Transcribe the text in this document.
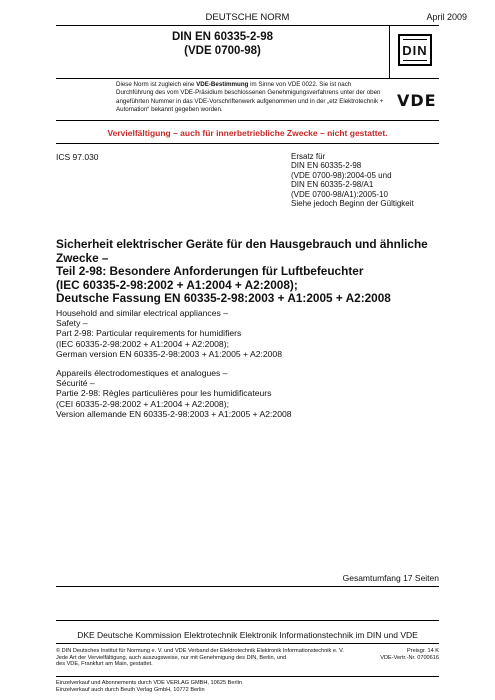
DEUTSCHE NORM	April 2009
DIN EN 60335-2-98
(VDE 0700-98)	DIN
Diese Norm ist zugleich eine VDE-Bestimmung im Sinne von VDE 0022. Sie ist nach Durchführung des vom VDE-Präsidium beschlossenen Genehmigungsverfahrens unter der oben angeführten Nummer in das VDE-Vorschriftenwerk aufgenommen und in der „etz Elektrotechnik + Automation“ bekannt gegeben worden.	VDE
Vervielfältigung – auch für innerbetriebliche Zwecke – nicht gestattet.
ICS 97.030	Ersatz für
DIN EN 60335-2-98
(VDE 0700-98):2004-05 und
DIN EN 60335-2-98/A1
(VDE 0700-98/A1):2005-10
Siehe jedoch Beginn der Gültigkeit
Sicherheit elektrischer Geräte für den Hausgebrauch und ähnliche
Zwecke –
Teil 2-98: Besondere Anforderungen für Luftbefeuchter
(IEC 60335-2-98:2002 + A1:2004 + A2:2008);
Deutsche Fassung EN 60335-2-98:2003 + A1:2005 + A2:2008
Household and similar electrical appliances –
Safety –
Part 2-98: Particular requirements for humidifiers
(IEC 60335-2-98:2002 + A1:2004 + A2:2008);
German version EN 60335-2-98:2003 + A1:2005 + A2:2008
Appareils électrodomestiques et analogues –
Sécurité –
Partie 2-98: Règles particulières pour les humidificateurs
(CEI 60335-2-98:2002 + A1:2004 + A2:2008);
Version allemande EN 60335-2-98:2003 + A1:2005 + A2:2008
Gesamtumfang 17 Seiten
DKE Deutsche Kommission Elektrotechnik Elektronik Informationstechnik im DIN und VDE
© DIN Deutsches Institut für Normung e. V. und VDE Verband der Elektrotechnik Elektronik Informationstechnik e. V.
Jede Art der Vervielfältigung, auch auszugsweise, nur mit Genehmigung des DIN, Berlin, und
des VDE, Frankfurt am Main, gestattet.
Preisgr. 14 K
VDE-Vertr.-Nr. 0700616
Einzelverkauf und Abonnements durch VDE VERLAG GMBH, 10625 Berlin
Einzelverkauf auch durch Beuth Verlag GmbH, 10772 Berlin
